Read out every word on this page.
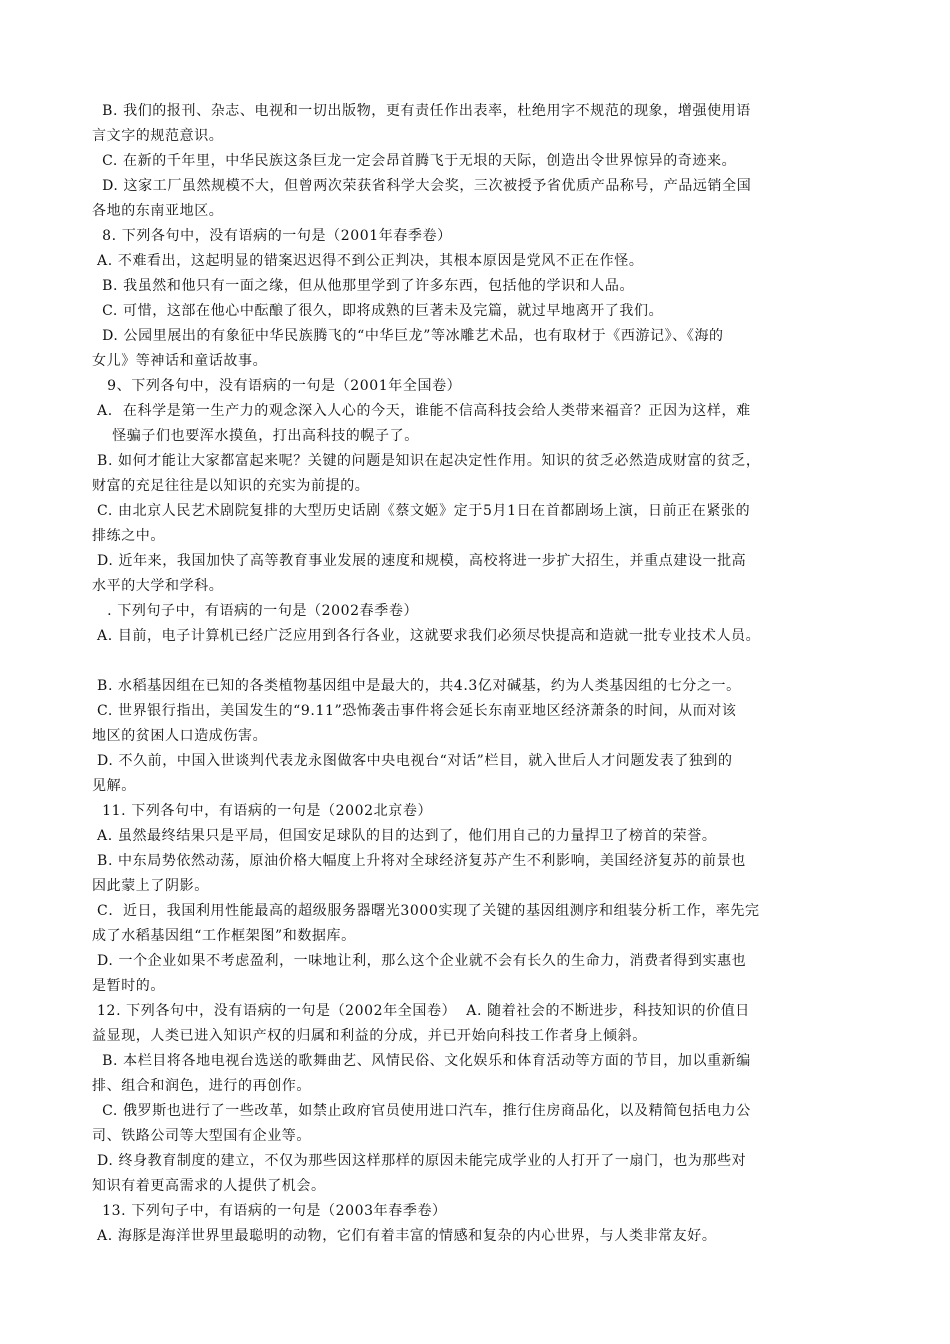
B. 我们的报刊、杂志、电视和一切出版物，更有责任作出表率，杜绝用字不规范的现象，增强使用语

言文字的规范意识。

C. 在新的千年里，中华民族这条巨龙一定会昂首腾飞于无垠的天际，创造出令世界惊异的奇迹来。

D. 这家工厂虽然规模不大，但曾两次荣获省科学大会奖，三次被授予省优质产品称号，产品远销全国

各地的东南亚地区。

8. 下列各句中，没有语病的一句是（2001年春季卷）

A. 不难看出，这起明显的错案迟迟得不到公正判决，其根本原因是党风不正在作怪。

B. 我虽然和他只有一面之缘，但从他那里学到了许多东西，包括他的学识和人品。

C. 可惜，这部在他心中酝酿了很久，即将成熟的巨著未及完篇，就过早地离开了我们。

D. 公园里展出的有象征中华民族腾飞的“中华巨龙”等冰雕艺术品，也有取材于《西游记》、《海的

女儿》等神话和童话故事。

9、下列各句中，没有语病的一句是（2001年全国卷）

A.  在科学是第一生产力的观念深入人心的今天，谁能不信高科技会给人类带来福音？正因为这样，难

怪骗子们也要浑水摸鱼，打出高科技的幌子了。

B. 如何才能让大家都富起来呢？关键的问题是知识在起决定性作用。知识的贫乏必然造成财富的贫乏，

财富的充足往往是以知识的充实为前提的。

C. 由北京人民艺术剧院复排的大型历史话剧《蔡文姬》定于5月1日在首都剧场上演，日前正在紧张的

排练之中。

D. 近年来，我国加快了高等教育事业发展的速度和规模，高校将进一步扩大招生，并重点建设一批高

水平的大学和学科。

. 下列句子中，有语病的一句是（2002春季卷）

A. 目前，电子计算机已经广泛应用到各行各业，这就要求我们必须尽快提高和造就一批专业技术人员。

B. 水稻基因组在已知的各类植物基因组中是最大的，共4.3亿对碱基，约为人类基因组的七分之一。

C. 世界银行指出，美国发生的“9.11”恐怖袭击事件将会延长东南亚地区经济萧条的时间，从而对该

地区的贫困人口造成伤害。

D. 不久前，中国入世谈判代表龙永图做客中央电视台“对话”栏目，就入世后人才问题发表了独到的

见解。

11. 下列各句中，有语病的一句是（2002北京卷）

A. 虽然最终结果只是平局，但国安足球队的目的达到了，他们用自己的力量捍卫了榜首的荣誉。

B. 中东局势依然动荡，原油价格大幅度上升将对全球经济复苏产生不利影响，美国经济复苏的前景也

因此蒙上了阴影。

C．近日，我国利用性能最高的超级服务器曙光3000实现了关键的基因组测序和组装分析工作，率先完

成了水稻基因组“工作框架图”和数据库。

D. 一个企业如果不考虑盈利，一味地让利，那么这个企业就不会有长久的生命力，消费者得到实惠也

是暂时的。

12. 下列各句中，没有语病的一句是（2002年全国卷）  A. 随着社会的不断进步，科技知识的价值日

益显现，人类已进入知识产权的归属和利益的分成，并已开始向科技工作者身上倾斜。

B. 本栏目将各地电视台选送的歌舞曲艺、风情民俗、文化娱乐和体育活动等方面的节目，加以重新编

排、组合和润色，进行的再创作。

C. 俄罗斯也进行了一些改革，如禁止政府官员使用进口汽车，推行住房商品化，以及精简包括电力公

司、铁路公司等大型国有企业等。

D. 终身教育制度的建立，不仅为那些因这样那样的原因未能完成学业的人打开了一扇门，也为那些对

知识有着更高需求的人提供了机会。

13. 下列句子中，有语病的一句是（2003年春季卷）

A. 海豚是海洋世界里最聪明的动物，它们有着丰富的情感和复杂的内心世界，与人类非常友好。
